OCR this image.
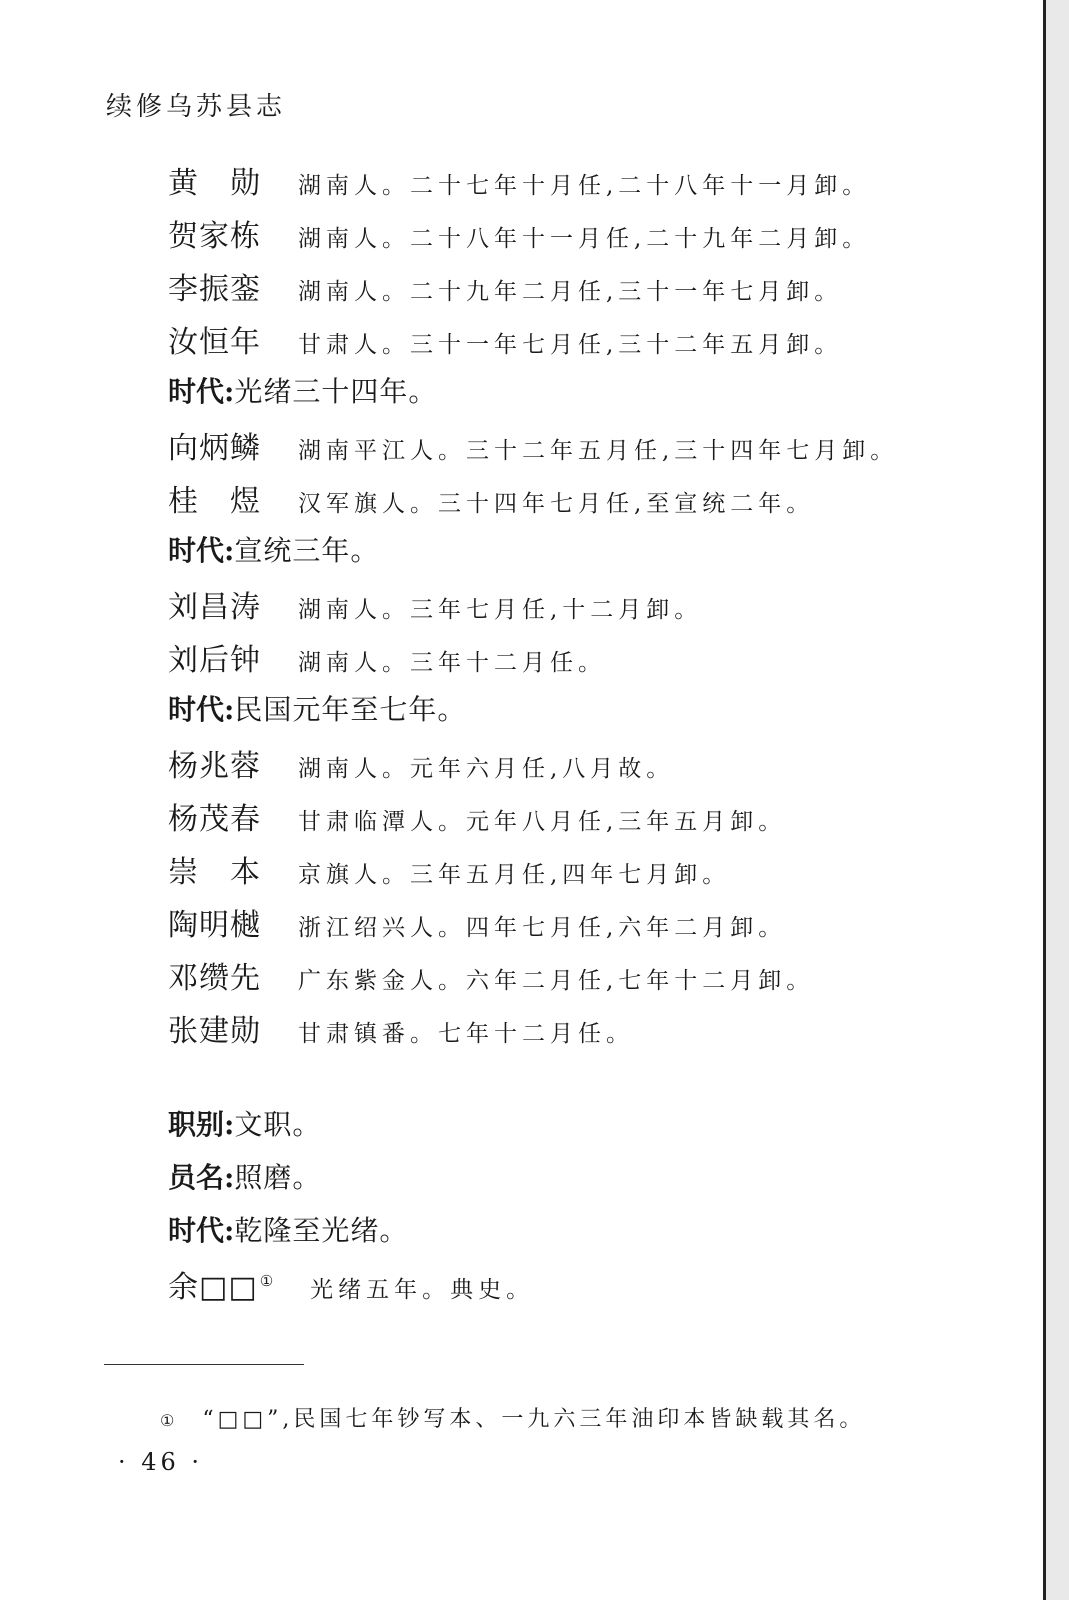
续修乌苏县志
黄　勋	湖南人。二十七年十月任,二十八年十一月卸。
贺家栋	湖南人。二十八年十一月任,二十九年二月卸。
李振銮	湖南人。二十九年二月任,三十一年七月卸。
汝恒年	甘肃人。三十一年七月任,三十二年五月卸。
时代 : 光绪三十四年。
向炳鳞	湖南平江人。三十二年五月任,三十四年七月卸。
桂　煜	汉军旗人。三十四年七月任,至宣统二年。
时代 : 宣统三年。
刘昌涛	湖南人。三年七月任,十二月卸。
刘后钟	湖南人。三年十二月任。
时代 : 民国元年至七年。
杨兆蓉	湖南人。元年六月任,八月故。
杨茂春	甘肃临潭人。元年八月任,三年五月卸。
崇　本	京旗人。三年五月任,四年七月卸。
陶明樾	浙江绍兴人。四年七月任,六年二月卸。
邓缵先	广东紫金人。六年二月任,七年十二月卸。
张建勋	甘肃镇番。七年十二月任。
职别 : 文职。
员名 : 照磨。
时代 : 乾隆至光绪。
余□□ ① 光绪五年。典史。
① “□□”,民国七年钞写本、一九六三年油印本皆缺载其名。
· 46 ·
